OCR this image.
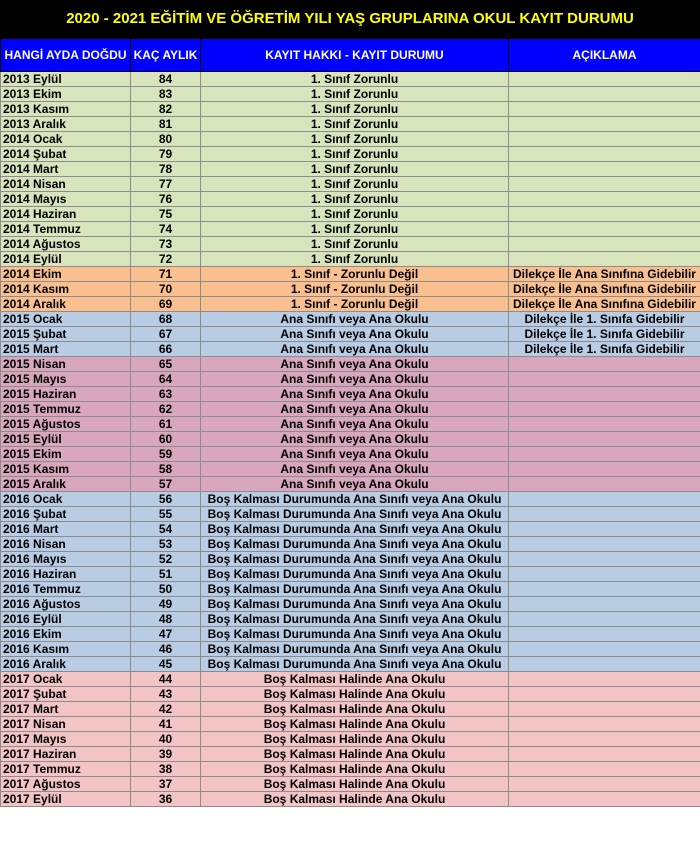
2020 - 2021 EĞİTİM VE ÖĞRETİM YILI YAŞ GRUPLARINA OKUL KAYIT DURUMU
HANGİ AYDA DOĞDU	KAÇ AYLIK	KAYIT HAKKI - KAYIT DURUMU	AÇIKLAMA
2013 Eylül	84	1. Sınıf Zorunlu	
2013 Ekim	83	1. Sınıf Zorunlu	
2013 Kasım	82	1. Sınıf Zorunlu	
2013 Aralık	81	1. Sınıf Zorunlu	
2014 Ocak	80	1. Sınıf Zorunlu	
2014 Şubat	79	1. Sınıf Zorunlu	
2014 Mart	78	1. Sınıf Zorunlu	
2014 Nisan	77	1. Sınıf Zorunlu	
2014 Mayıs	76	1. Sınıf Zorunlu	
2014 Haziran	75	1. Sınıf Zorunlu	
2014 Temmuz	74	1. Sınıf Zorunlu	
2014 Ağustos	73	1. Sınıf Zorunlu	
2014 Eylül	72	1. Sınıf Zorunlu	
2014 Ekim	71	1. Sınıf - Zorunlu Değil	Dilekçe İle Ana Sınıfına Gidebilir
2014 Kasım	70	1. Sınıf - Zorunlu Değil	Dilekçe İle Ana Sınıfına Gidebilir
2014 Aralık	69	1. Sınıf - Zorunlu Değil	Dilekçe İle Ana Sınıfına Gidebilir
2015 Ocak	68	Ana Sınıfı veya Ana Okulu	Dilekçe İle 1. Sınıfa Gidebilir
2015 Şubat	67	Ana Sınıfı veya Ana Okulu	Dilekçe İle 1. Sınıfa Gidebilir
2015 Mart	66	Ana Sınıfı veya Ana Okulu	Dilekçe İle 1. Sınıfa Gidebilir
2015 Nisan	65	Ana Sınıfı veya Ana Okulu	
2015 Mayıs	64	Ana Sınıfı veya Ana Okulu	
2015 Haziran	63	Ana Sınıfı veya Ana Okulu	
2015 Temmuz	62	Ana Sınıfı veya Ana Okulu	
2015 Ağustos	61	Ana Sınıfı veya Ana Okulu	
2015 Eylül	60	Ana Sınıfı veya Ana Okulu	
2015 Ekim	59	Ana Sınıfı veya Ana Okulu	
2015 Kasım	58	Ana Sınıfı veya Ana Okulu	
2015 Aralık	57	Ana Sınıfı veya Ana Okulu	
2016 Ocak	56	Boş Kalması Durumunda Ana Sınıfı veya Ana Okulu	
2016 Şubat	55	Boş Kalması Durumunda Ana Sınıfı veya Ana Okulu	
2016 Mart	54	Boş Kalması Durumunda Ana Sınıfı veya Ana Okulu	
2016 Nisan	53	Boş Kalması Durumunda Ana Sınıfı veya Ana Okulu	
2016 Mayıs	52	Boş Kalması Durumunda Ana Sınıfı veya Ana Okulu	
2016 Haziran	51	Boş Kalması Durumunda Ana Sınıfı veya Ana Okulu	
2016 Temmuz	50	Boş Kalması Durumunda Ana Sınıfı veya Ana Okulu	
2016 Ağustos	49	Boş Kalması Durumunda Ana Sınıfı veya Ana Okulu	
2016 Eylül	48	Boş Kalması Durumunda Ana Sınıfı veya Ana Okulu	
2016 Ekim	47	Boş Kalması Durumunda Ana Sınıfı veya Ana Okulu	
2016 Kasım	46	Boş Kalması Durumunda Ana Sınıfı veya Ana Okulu	
2016 Aralık	45	Boş Kalması Durumunda Ana Sınıfı veya Ana Okulu	
2017 Ocak	44	Boş Kalması Halinde Ana Okulu	
2017 Şubat	43	Boş Kalması Halinde Ana Okulu	
2017 Mart	42	Boş Kalması Halinde Ana Okulu	
2017 Nisan	41	Boş Kalması Halinde Ana Okulu	
2017 Mayıs	40	Boş Kalması Halinde Ana Okulu	
2017 Haziran	39	Boş Kalması Halinde Ana Okulu	
2017 Temmuz	38	Boş Kalması Halinde Ana Okulu	
2017 Ağustos	37	Boş Kalması Halinde Ana Okulu	
2017 Eylül	36	Boş Kalması Halinde Ana Okulu	
